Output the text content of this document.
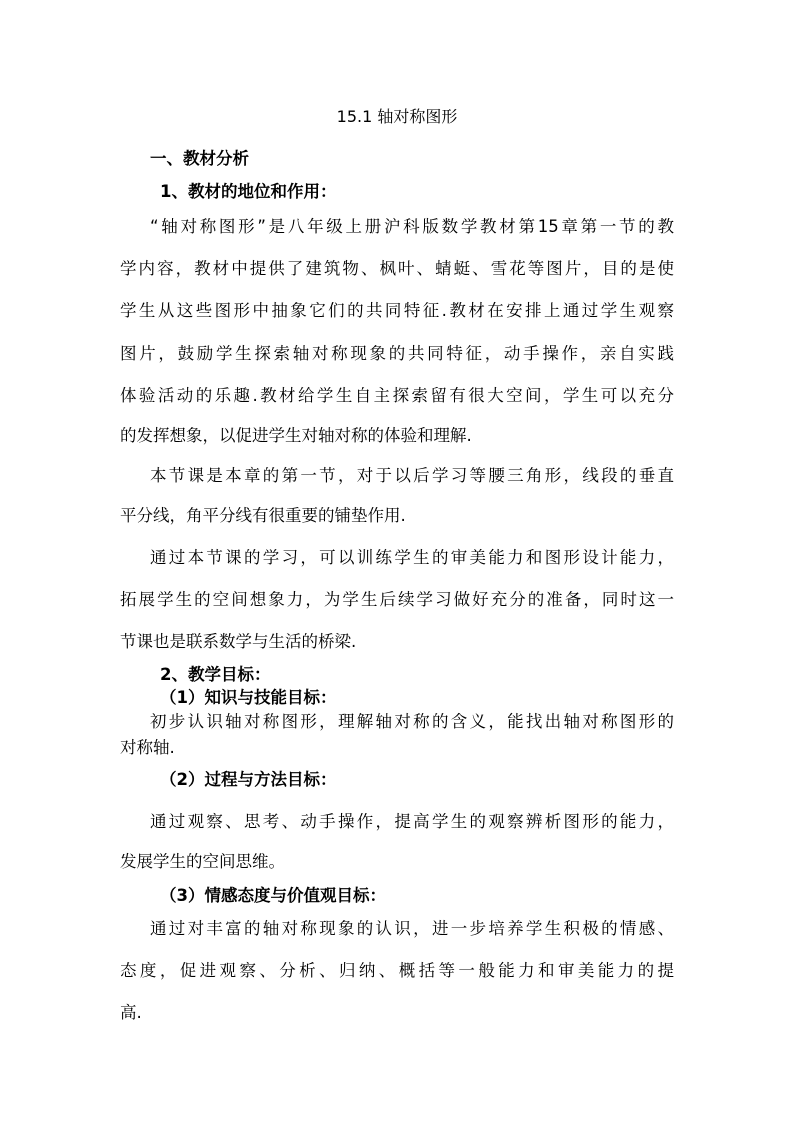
15.1 轴对称图形
一、教材分析
1、教材的地位和作用：
“轴对称图形”是八年级上册沪科版数学教材第15章第一节的教
学内容，教材中提供了建筑物、枫叶、蜻蜓、雪花等图片，目的是使
学生从这些图形中抽象它们的共同特征.教材在安排上通过学生观察
图片，鼓励学生探索轴对称现象的共同特征，动手操作，亲自实践
体验活动的乐趣.教材给学生自主探索留有很大空间，学生可以充分
的发挥想象，以促进学生对轴对称的体验和理解.
本节课是本章的第一节，对于以后学习等腰三角形，线段的垂直
平分线，角平分线有很重要的铺垫作用.
通过本节课的学习，可以训练学生的审美能力和图形设计能力，
拓展学生的空间想象力，为学生后续学习做好充分的准备，同时这一
节课也是联系数学与生活的桥梁.
2、教学目标：
（1）知识与技能目标：
初步认识轴对称图形，理解轴对称的含义，能找出轴对称图形的
对称轴.
（2）过程与方法目标：
通过观察、思考、动手操作，提高学生的观察辨析图形的能力，
发展学生的空间思维。
（3）情感态度与价值观目标：
通过对丰富的轴对称现象的认识，进一步培养学生积极的情感、
态度，促进观察、分析、归纳、概括等一般能力和审美能力的提
高.
